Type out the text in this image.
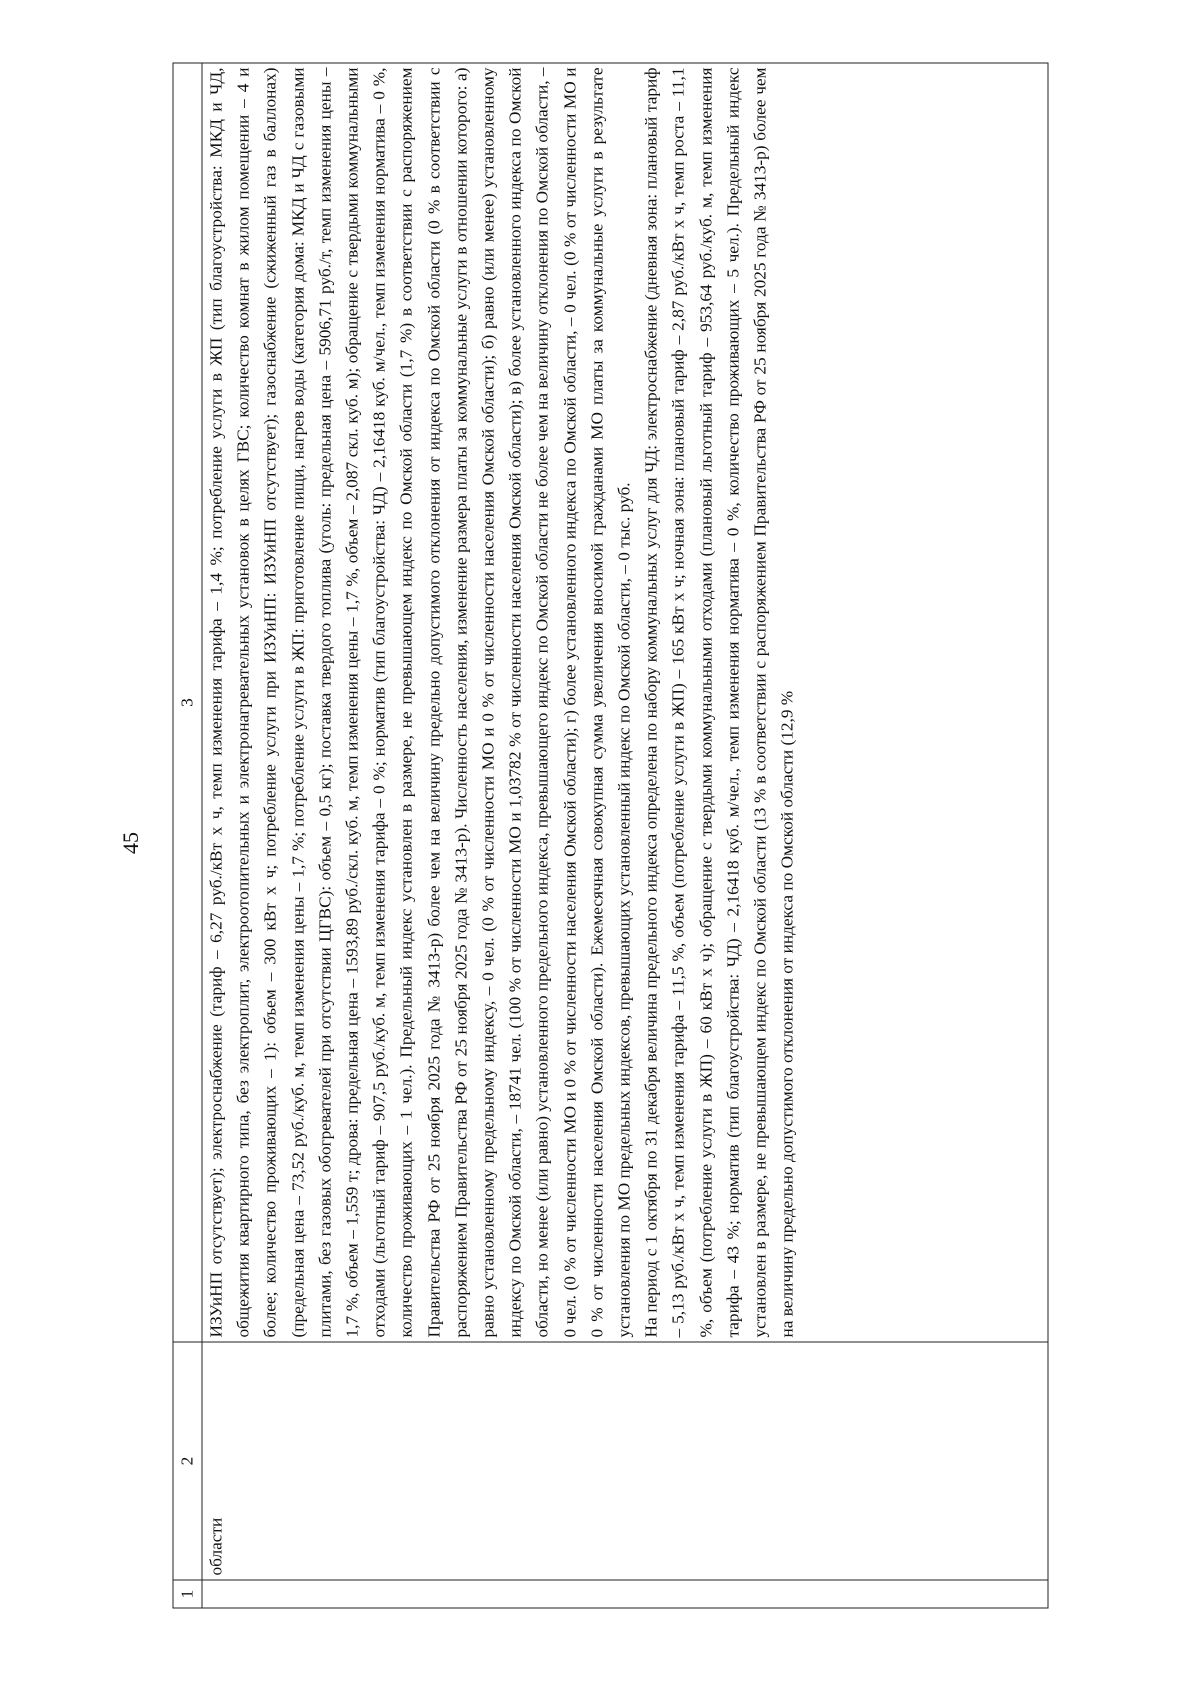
45
1	2	3
	области	ИЗУиНП отсутствует); электроснабжение (тариф – 6,27 руб./кВт х ч, темп изменения тарифа – 1,4 %; потребление услуги в ЖП (тип благоустройства: МКД и ЧД, общежития квартирного типа, без электроплит, электроотопительных и электронагревательных установок в целях ГВС; количество комнат в жилом помещении – 4 и более; количество проживающих – 1): объем – 300 кВт х ч; потребление услуги при ИЗУиНП: ИЗУиНП отсутствует); газоснабжение (сжиженный газ в баллонах) (предельная цена – 73,52 руб./куб. м, темп изменения цены – 1,7 %; потребление услуги в ЖП: приготовление пищи, нагрев воды (категория дома: МКД и ЧД с газовыми плитами, без газовых обогревателей при отсутствии ЦГВС): объем – 0,5 кг); поставка твердого топлива (уголь: предельная цена – 5906,71 руб./т, темп изменения цены – 1,7 %, объем – 1,559 т; дрова: предельная цена – 1593,89 руб./скл. куб. м, темп изменения цены – 1,7 %, объем – 2,087 скл. куб. м); обращение с твердыми коммунальными отходами (льготный тариф – 907,5 руб./куб. м, темп изменения тарифа – 0 %; норматив (тип благоустройства: ЧД) – 2,16418 куб. м/чел., темп изменения норматива – 0 %, количество проживающих – 1 чел.). Предельный индекс установлен в размере, не превышающем индекс по Омской области (1,7 %) в соответствии с распоряжением Правительства РФ от 25 ноября 2025 года № 3413-р) более чем на величину предельно допустимого отклонения от индекса по Омской области (0 % в соответствии с распоряжением Правительства РФ от 25 ноября 2025 года № 3413-р). Численность населения, изменение размера платы за коммунальные услуги в отношении которого: а) равно установленному предельному индексу, – 0 чел. (0 % от численности МО и 0 % от численности населения Омской области); б) равно (или менее) установленному индексу по Омской области, – 18741 чел. (100 % от численности МО и 1,03782 % от численности населения Омской области); в) более установленного индекса по Омской области, но менее (или равно) установленного предельного индекса, превышающего индекс по Омской области не более чем на величину отклонения по Омской области, – 0 чел. (0 % от численности МО и 0 % от численности населения Омской области); г) более установленного индекса по Омской области, – 0 чел. (0 % от численности МО и 0 % от численности населения Омской области). Ежемесячная совокупная сумма увеличения вносимой гражданами МО платы за коммунальные услуги в результате установления по МО предельных индексов, превышающих установленный индекс по Омской области, – 0 тыс. руб. На период с 1 октября по 31 декабря величина предельного индекса определена по набору коммунальных услуг для ЧД: электроснабжение (дневная зона: плановый тариф – 5,13 руб./кВт х ч, темп изменения тарифа – 11,5 %, объем (потребление услуги в ЖП) – 165 кВт х ч; ночная зона: плановый тариф – 2,87 руб./кВт х ч, темп роста – 11,1 %, объем (потребление услуги в ЖП) – 60 кВт х ч); обращение с твердыми коммунальными отходами (плановый льготный тариф – 953,64 руб./куб. м, темп изменения тарифа – 43 %; норматив (тип благоустройства: ЧД) – 2,16418 куб. м/чел., темп изменения норматива – 0 %, количество проживающих – 5 чел.). Предельный индекс установлен в размере, не превышающем индекс по Омской области (13 % в соответствии с распоряжением Правительства РФ от 25 ноября 2025 года № 3413-р) более чем на величину предельно допустимого отклонения от индекса по Омской области (12,9 %
